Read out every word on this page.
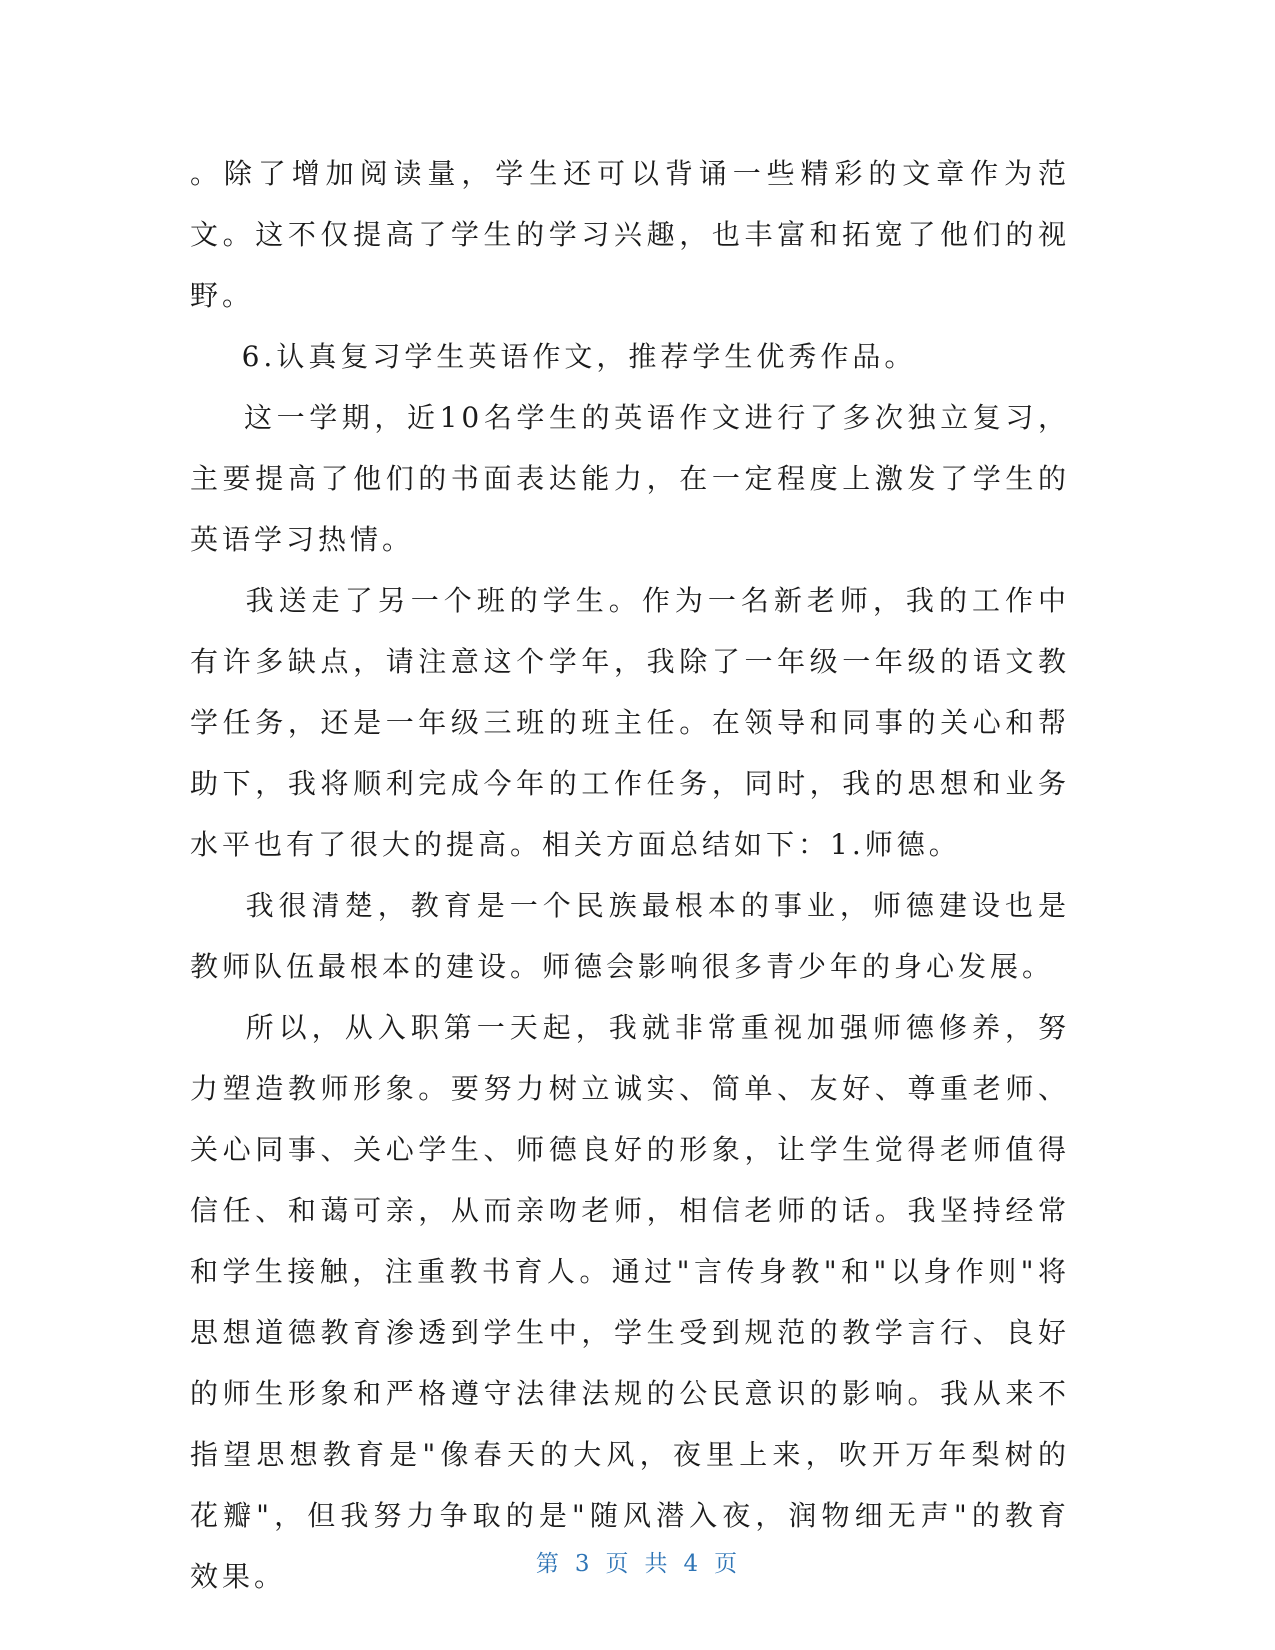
。除了增加阅读量，学生还可以背诵一些精彩的文章作为范文。这不仅提高了学生的学习兴趣，也丰富和拓宽了他们的视野。

6.认真复习学生英语作文，推荐学生优秀作品。

这一学期，近10名学生的英语作文进行了多次独立复习，主要提高了他们的书面表达能力，在一定程度上激发了学生的英语学习热情。

我送走了另一个班的学生。作为一名新老师，我的工作中有许多缺点，请注意这个学年，我除了一年级一年级的语文教学任务，还是一年级三班的班主任。在领导和同事的关心和帮助下，我将顺利完成今年的工作任务，同时，我的思想和业务水平也有了很大的提高。相关方面总结如下：1.师德。

我很清楚，教育是一个民族最根本的事业，师德建设也是教师队伍最根本的建设。师德会影响很多青少年的身心发展。

所以，从入职第一天起，我就非常重视加强师德修养，努力塑造教师形象。要努力树立诚实、简单、友好、尊重老师、关心同事、关心学生、师德良好的形象，让学生觉得老师值得信任、和蔼可亲，从而亲吻老师，相信老师的话。我坚持经常和学生接触，注重教书育人。通过"言传身教"和"以身作则"将思想道德教育渗透到学生中，学生受到规范的教学言行、良好的师生形象和严格遵守法律法规的公民意识的影响。我从来不指望思想教育是"像春天的大风，夜里上来，吹开万年梨树的花瓣"，但我努力争取的是"随风潜入夜，润物细无声"的教育效果。	第 3 页 共 4 页
